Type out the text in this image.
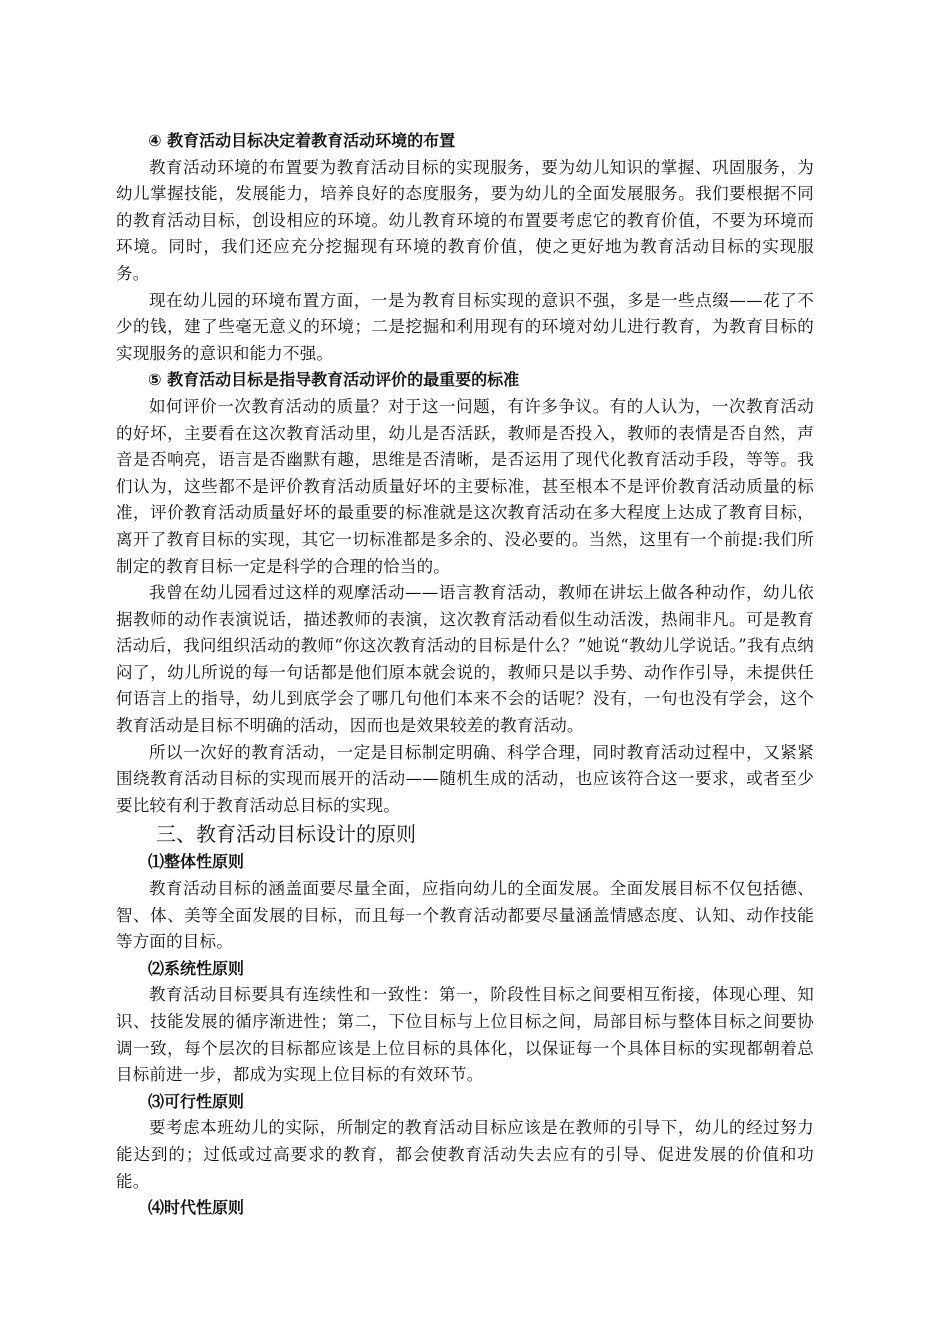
④ 教育活动目标决定着教育活动环境的布置

教育活动环境的布置要为教育活动目标的实现服务，要为幼儿知识的掌握、巩固服务，为幼儿掌握技能，发展能力，培养良好的态度服务，要为幼儿的全面发展服务。我们要根据不同的教育活动目标，创设相应的环境。幼儿教育环境的布置要考虑它的教育价值，不要为环境而环境。同时，我们还应充分挖掘现有环境的教育价值，使之更好地为教育活动目标的实现服务。

现在幼儿园的环境布置方面，一是为教育目标实现的意识不强，多是一些点缀——花了不少的钱，建了些毫无意义的环境；二是挖掘和利用现有的环境对幼儿进行教育，为教育目标的实现服务的意识和能力不强。

⑤ 教育活动目标是指导教育活动评价的最重要的标准

如何评价一次教育活动的质量？对于这一问题，有许多争议。有的人认为，一次教育活动的好坏，主要看在这次教育活动里，幼儿是否活跃，教师是否投入，教师的表情是否自然，声音是否响亮，语言是否幽默有趣，思维是否清晰，是否运用了现代化教育活动手段，等等。我们认为，这些都不是评价教育活动质量好坏的主要标准，甚至根本不是评价教育活动质量的标准，评价教育活动质量好坏的最重要的标准就是这次教育活动在多大程度上达成了教育目标，离开了教育目标的实现，其它一切标准都是多余的、没必要的。当然，这里有一个前提:我们所制定的教育目标一定是科学的合理的恰当的。

我曾在幼儿园看过这样的观摩活动——语言教育活动，教师在讲坛上做各种动作，幼儿依据教师的动作表演说话，描述教师的表演，这次教育活动看似生动活泼，热闹非凡。可是教育活动后，我问组织活动的教师“你这次教育活动的目标是什么？”她说“教幼儿学说话。”我有点纳闷了，幼儿所说的每一句话都是他们原本就会说的，教师只是以手势、动作作引导，未提供任何语言上的指导，幼儿到底学会了哪几句他们本来不会的话呢？没有，一句也没有学会，这个教育活动是目标不明确的活动，因而也是效果较差的教育活动。

所以一次好的教育活动，一定是目标制定明确、科学合理，同时教育活动过程中，又紧紧围绕教育活动目标的实现而展开的活动——随机生成的活动，也应该符合这一要求，或者至少要比较有利于教育活动总目标的实现。

三、教育活动目标设计的原则

⑴整体性原则

教育活动目标的涵盖面要尽量全面，应指向幼儿的全面发展。全面发展目标不仅包括德、智、体、美等全面发展的目标，而且每一个教育活动都要尽量涵盖情感态度、认知、动作技能等方面的目标。

⑵系统性原则

教育活动目标要具有连续性和一致性：第一，阶段性目标之间要相互衔接，体现心理、知识、技能发展的循序渐进性；第二，下位目标与上位目标之间，局部目标与整体目标之间要协调一致，每个层次的目标都应该是上位目标的具体化，以保证每一个具体目标的实现都朝着总目标前进一步，都成为实现上位目标的有效环节。

⑶可行性原则

要考虑本班幼儿的实际，所制定的教育活动目标应该是在教师的引导下，幼儿的经过努力能达到的；过低或过高要求的教育，都会使教育活动失去应有的引导、促进发展的价值和功能。

⑷时代性原则
